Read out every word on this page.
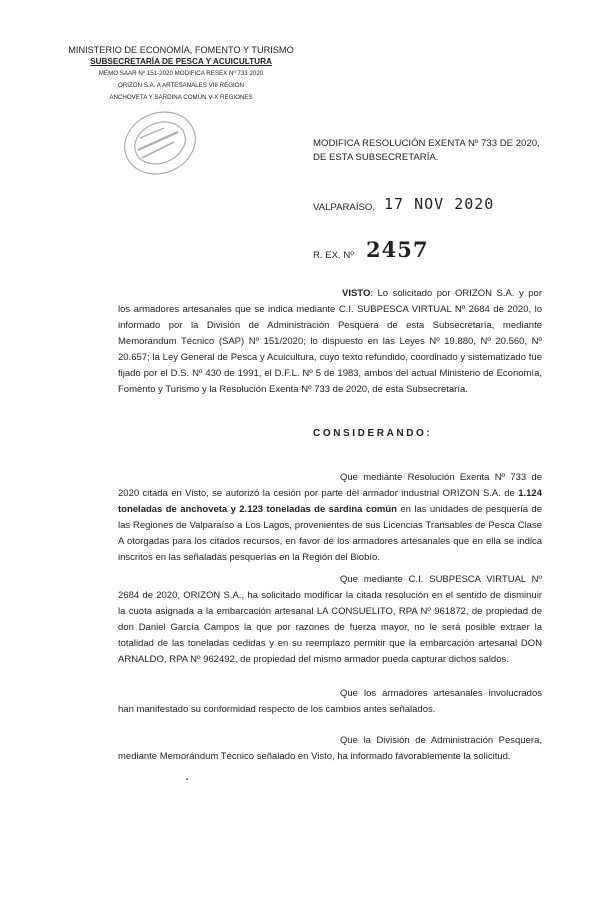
MINISTERIO DE ECONOMÍA, FOMENTO Y TURISMO
SUBSECRETARÍA DE PESCA Y ACUICULTURA
MEMO SAAR Nº 151-2020 MODIFICA RESEX Nº 733 2020
ORIZON S.A. A ARTESANALES VIII REGIÓN
ANCHOVETA Y SARDINA COMÚN V-X REGIONES
MODIFICA RESOLUCIÓN EXENTA Nº 733 DE 2020, DE ESTA SUBSECRETARÍA.
VALPARAÍSO, 17 NOV 2020
R. EX. Nº 2457
VISTO: Lo solicitado por ORIZON S.A. y por los armadores artesanales que se indica mediante C.I. SUBPESCA VIRTUAL Nº 2684 de 2020, lo informado por la División de Administración Pesquera de esta Subsecretaría, mediante Memorándum Técnico (SAP) Nº 151/2020; lo dispuesto en las Leyes Nº 19.880, Nº 20.560, Nº 20.657; la Ley General de Pesca y Acuicultura, cuyo texto refundido, coordinado y sistematizado fue fijado por el D.S. Nº 430 de 1991, el D.F.L. Nº 5 de 1983, ambos del actual Ministerio de Economía, Fomento y Turismo y la Resolución Exenta Nº 733 de 2020, de esta Subsecretaría.
CONSIDERANDO:
Que mediante Resolución Exenta Nº 733 de 2020 citada en Visto, se autorizó la cesión por parte del armador industrial ORIZON S.A. de 1.124 toneladas de anchoveta y 2.123 toneladas de sardina común en las unidades de pesquería de las Regiones de Valparaíso a Los Lagos, provenientes de sus Licencias Transables de Pesca Clase A otorgadas para los citados recursos, en favor de los armadores artesanales que en ella se indica inscritos en las señaladas pesquerías en la Región del Biobío.
Que mediante C.I. SUBPESCA VIRTUAL Nº 2684 de 2020, ORIZON S.A., ha solicitado modificar la citada resolución en el sentido de disminuir la cuota asignada a la embarcación artesanal LA CONSUELITO, RPA Nº 961872, de propiedad de don Daniel García Campos la que por razones de fuerza mayor, no le será posible extraer la totalidad de las toneladas cedidas y en su reemplazo permitir que la embarcación artesanal DON ARNALDO, RPA Nº 962492, de propiedad del mismo armador pueda capturar dichos saldos.
Que los armadores artesanales involucrados han manifestado su conformidad respecto de los cambios antes señalados.
Que la División de Administración Pesquera, mediante Memorándum Técnico señalado en Visto, ha informado favorablemente la solicitud.
